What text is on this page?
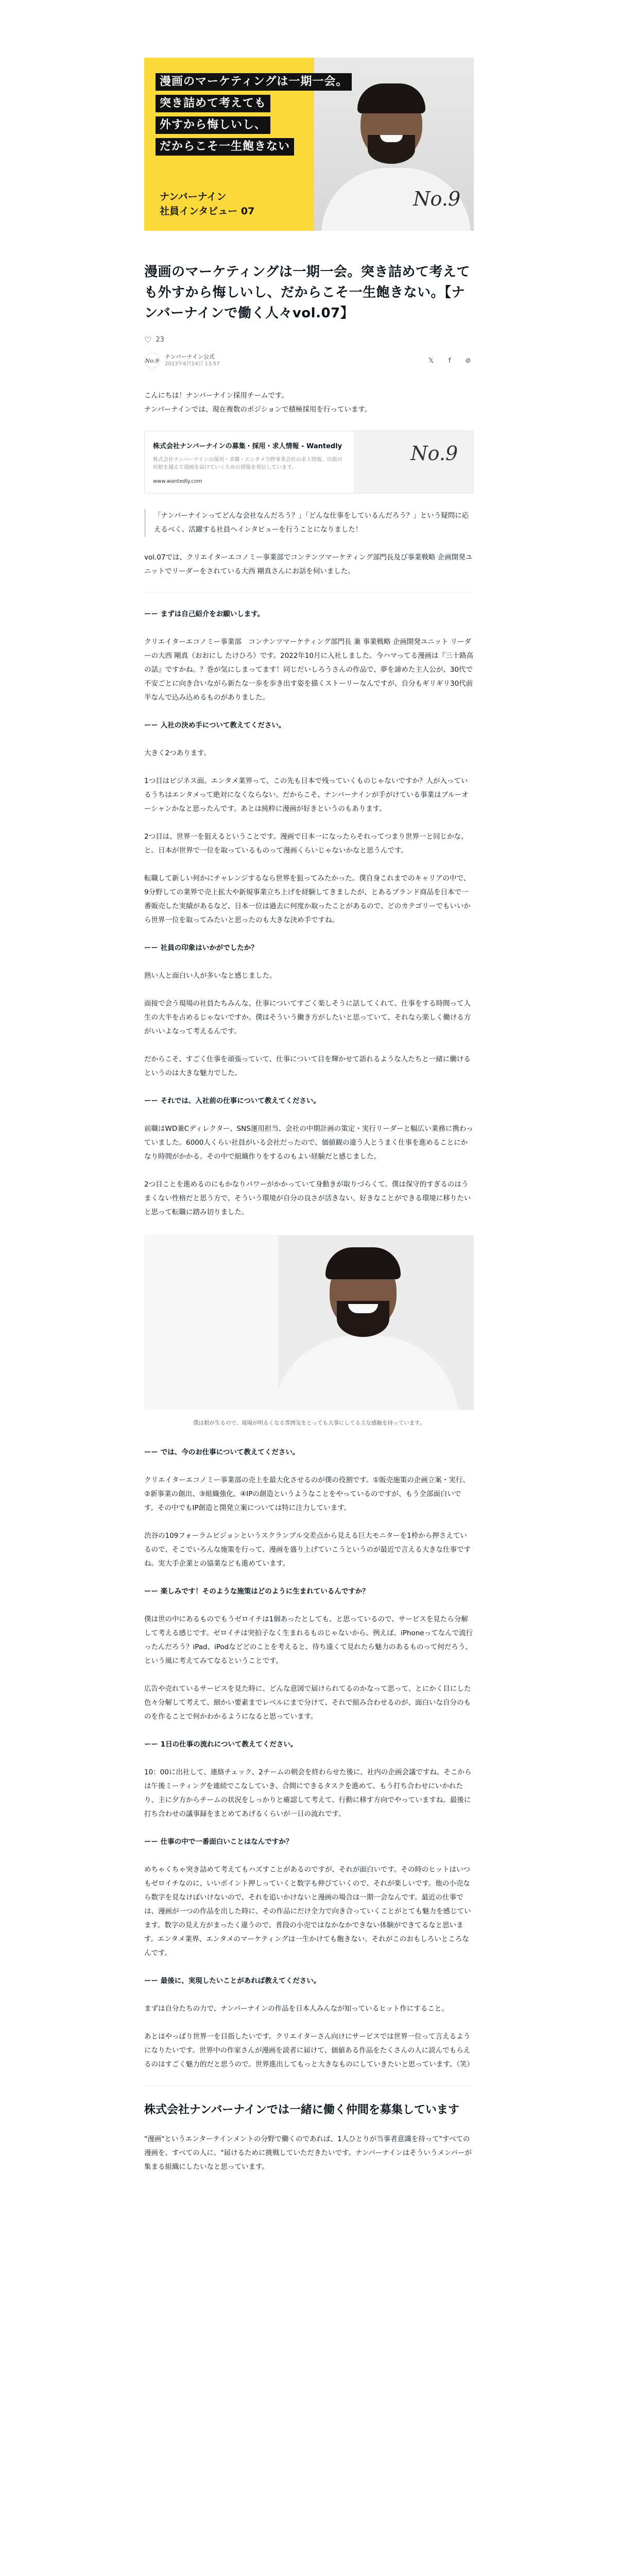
No.9
漫画のマーケティングは一期一会。
突き詰めて考えても
外すから悔しいし、
だからこそ一生飽きない
ナンバーナイン
社員インタビュー 07
漫画のマーケティングは一期一会。突き詰めて考えても外すから悔しいし、だからこそ一生飽きない。【ナンバーナインで働く人々vol.07】
♡ 23
No.9
ナンバーナイン公式
2023年6月14日 13:57	𝕏	f	⊘
こんにちは！ナンバーナイン採用チームです。
ナンバーナインでは、現在複数のポジションで積極採用を行っています。
株式会社ナンバーナインの募集・採用・求人情報 - Wantedly
株式会社ナンバーナインの採用・求職・エンタメ分野事業会社の求人情報。出版の垣根を越えて漫画を届けていくための情報を発信しています。
www.wantedly.com
No.9
「ナンバーナインってどんな会社なんだろう？」「どんな仕事をしているんだろう？」という疑問に応えるべく、活躍する社員へインタビューを行うことになりました！

vol.07では、クリエイターエコノミー事業部でコンテンツマーケティング部門長及び事業戦略 企画開発ユニットでリーダーをされている大西 剛真さんにお話を伺いました。

ーー まずは自己紹介をお願いします。

クリエイターエコノミー事業部　コンテンツマーケティング部門長 兼 事業戦略 企画開発ユニット リーダーの大西 剛真（おおにし たけひろ）です。2022年10月に入社しました。今ハマってる漫画は『三十路高の話』ですかね。？巻が気にしまってます！同じだいしろうさんの作品で、夢を諦めた主人公が、30代で不安ごとに向き合いながら新たな一歩を歩き出す姿を描くストーリーなんですが、自分もギリギリ30代前半なんで込み込めるものがありました。

ーー 入社の決め手について教えてください。

大きく2つあります。

1つ目はビジネス面。エンタメ業界って、この先も日本で残っていくものじゃないですか？人が入っているうちはエンタメって絶対になくならない。だからこそ、ナンバーナインが手がけている事業はブルーオーシャンかなと思ったんです。あとは純粋に漫画が好きというのもあります。

2つ目は、世界一を狙えるということです。漫画で日本一になったらそれってつまり世界一と同じかな、と。日本が世界で一位を取っているものって漫画くらいじゃないかなと思うんです。

転職して新しい何かにチャレンジするなら世界を狙ってみたかった。僕自身これまでのキャリアの中で、9分野しての業界で売上拡大や新規事業立ち上げを経験してきましたが、とあるブランド商品を日本で一番販売した実績があるなど、日本一位は過去に何度か取ったことがあるので、どのカテゴリーでもいいから世界一位を取ってみたいと思ったのも大きな決め手ですね。

ーー 社員の印象はいかがでしたか？

熱い人と面白い人が多いなと感じました。

面接で会う現場の社員たちみんな、仕事についてすごく楽しそうに話してくれて。仕事をする時間って人生の大半を占めるじゃないですか。僕はそういう働き方がしたいと思っていて、それなら楽しく働ける方がいいよなって考えるんです。

だからこそ、すごく仕事を頑張っていて、仕事について目を輝かせて語れるような人たちと一緒に働けるというのは大きな魅力でした。

ーー それでは、入社前の仕事について教えてください。

前職はWD兼Cディレクター、SNS運用担当、会社の中期計画の策定・実行リーダーと幅広い業務に携わっていました。6000人くらい社員がいる会社だったので、価値観の違う人とうまく仕事を進めることにかなり時間がかかる。その中で組織作りをするのもよい経験だと感じました。

2つ目ことを進めるのにもかなりパワーがかかっていて身動きが取りづらくて。僕は保守的すぎるのはうまくない性格だと思う方で、そういう環境が自分の良さが活きない、好きなことができる環境に移りたいと思って転職に踏み切りました。

僕は根が生るので、現場が明るくなる雰囲気をとっても大事にしてる主な感触を持っています。

ーー では、今のお仕事について教えてください。

クリエイターエコノミー事業部の売上を最大化させるのが僕の役割です。①販売施策の企画立案・実行、②新事業の創出、③組織強化、④IPの創造というようなことをやっているのですが、もう全部面白いです。その中でもIP創造と開発立案については特に注力しています。

渋谷の109フォーラムビジョンというスクランブル交差点から見える巨大モニターを1枠から押さえているので、そこでいろんな施策を行って、漫画を盛り上げていこうというのが最近で言える大きな仕事ですね。実大手企業との協業なども進めています。

ーー 楽しみです！そのような施策はどのように生まれているんですか？

僕は世の中にあるものでもうゼロイチは1個あったとしても、と思っているので、サービスを見たら分解して考える感じです。ゼロイチは突拍子なく生まれるものじゃないから。例えば、iPhoneってなんで流行ったんだろう？iPad、iPodなどどのことを考えると、待ち遠くて見れたら魅力のあるものって何だろう、という風に考えてみてなるということです。

広告や売れているサービスを見た時に、どんな意図で届けられてるのかなって思って、とにかく目にした色々分解して考えて、細かい要素までレベルにまで分けて、それで組み合わせるのが、面白いな自分のものを作ることで何かわかるようになると思っています。

ーー 1日の仕事の流れについて教えてください。

10：00に出社して、連絡チェック、2チームの朝会を終わらせた後に、社内の企画会議ですね。そこからは午後ミーティングを連続でこなしていき、合間にできるタスクを進めて、もう打ち合わせにいかれたり、主に夕方からチームの状況をしっかりと確認して考えて、行動に移す方向でやっていますね。最後に打ち合わせの議事録をまとめてあげるくらいが一日の流れです。

ーー 仕事の中で一番面白いことはなんですか？

めちゃくちゃ突き詰めて考えてもハズすことがあるのですが、それが面白いです。その時のヒットはいつもゼロイチなのに、いいポイント押しっていくと数字も伸びていくので、それが楽しいです。他の小売なら数字を見なけばいけないので、それを追いかけないと漫画の場合は一期一会なんです。最近の仕事では、漫画が一つの作品を出した時に、その作品にだけ全力で向き合っていくことがとても魅力を感じています。数字の見え方がまったく違うので、普段の小売ではなかなかできない体験ができてるなと思います。エンタメ業界、エンタメのマーケティングは一生かけても飽きない。それがこのおもしろいところなんです。

ーー 最後に、実現したいことがあれば教えてください。

まずは自分たちの力で、ナンバーナインの作品を日本人みんなが知っているヒット作にすること。

あとはやっぱり世界一を目指したいです。クリエイターさん向けにサービスでは世界一位って言えるようになりたいです。世界中の作家さんが漫画を読者に届けて、価値ある作品をたくさんの人に読んでもらえるのはすごく魅力的だと思うので。世界進出してもっと大きなものにしていきたいと思っています。（笑）

株式会社ナンバーナインでは一緒に働く仲間を募集しています

"漫画"というエンターテインメントの分野で働くのであれば、1人ひとりが当事者意識を持って"すべての漫画を、すべての人に。"届けるために挑戦していただきたいです。ナンバーナインはそういうメンバーが集まる組織にしたいなと思っています。
